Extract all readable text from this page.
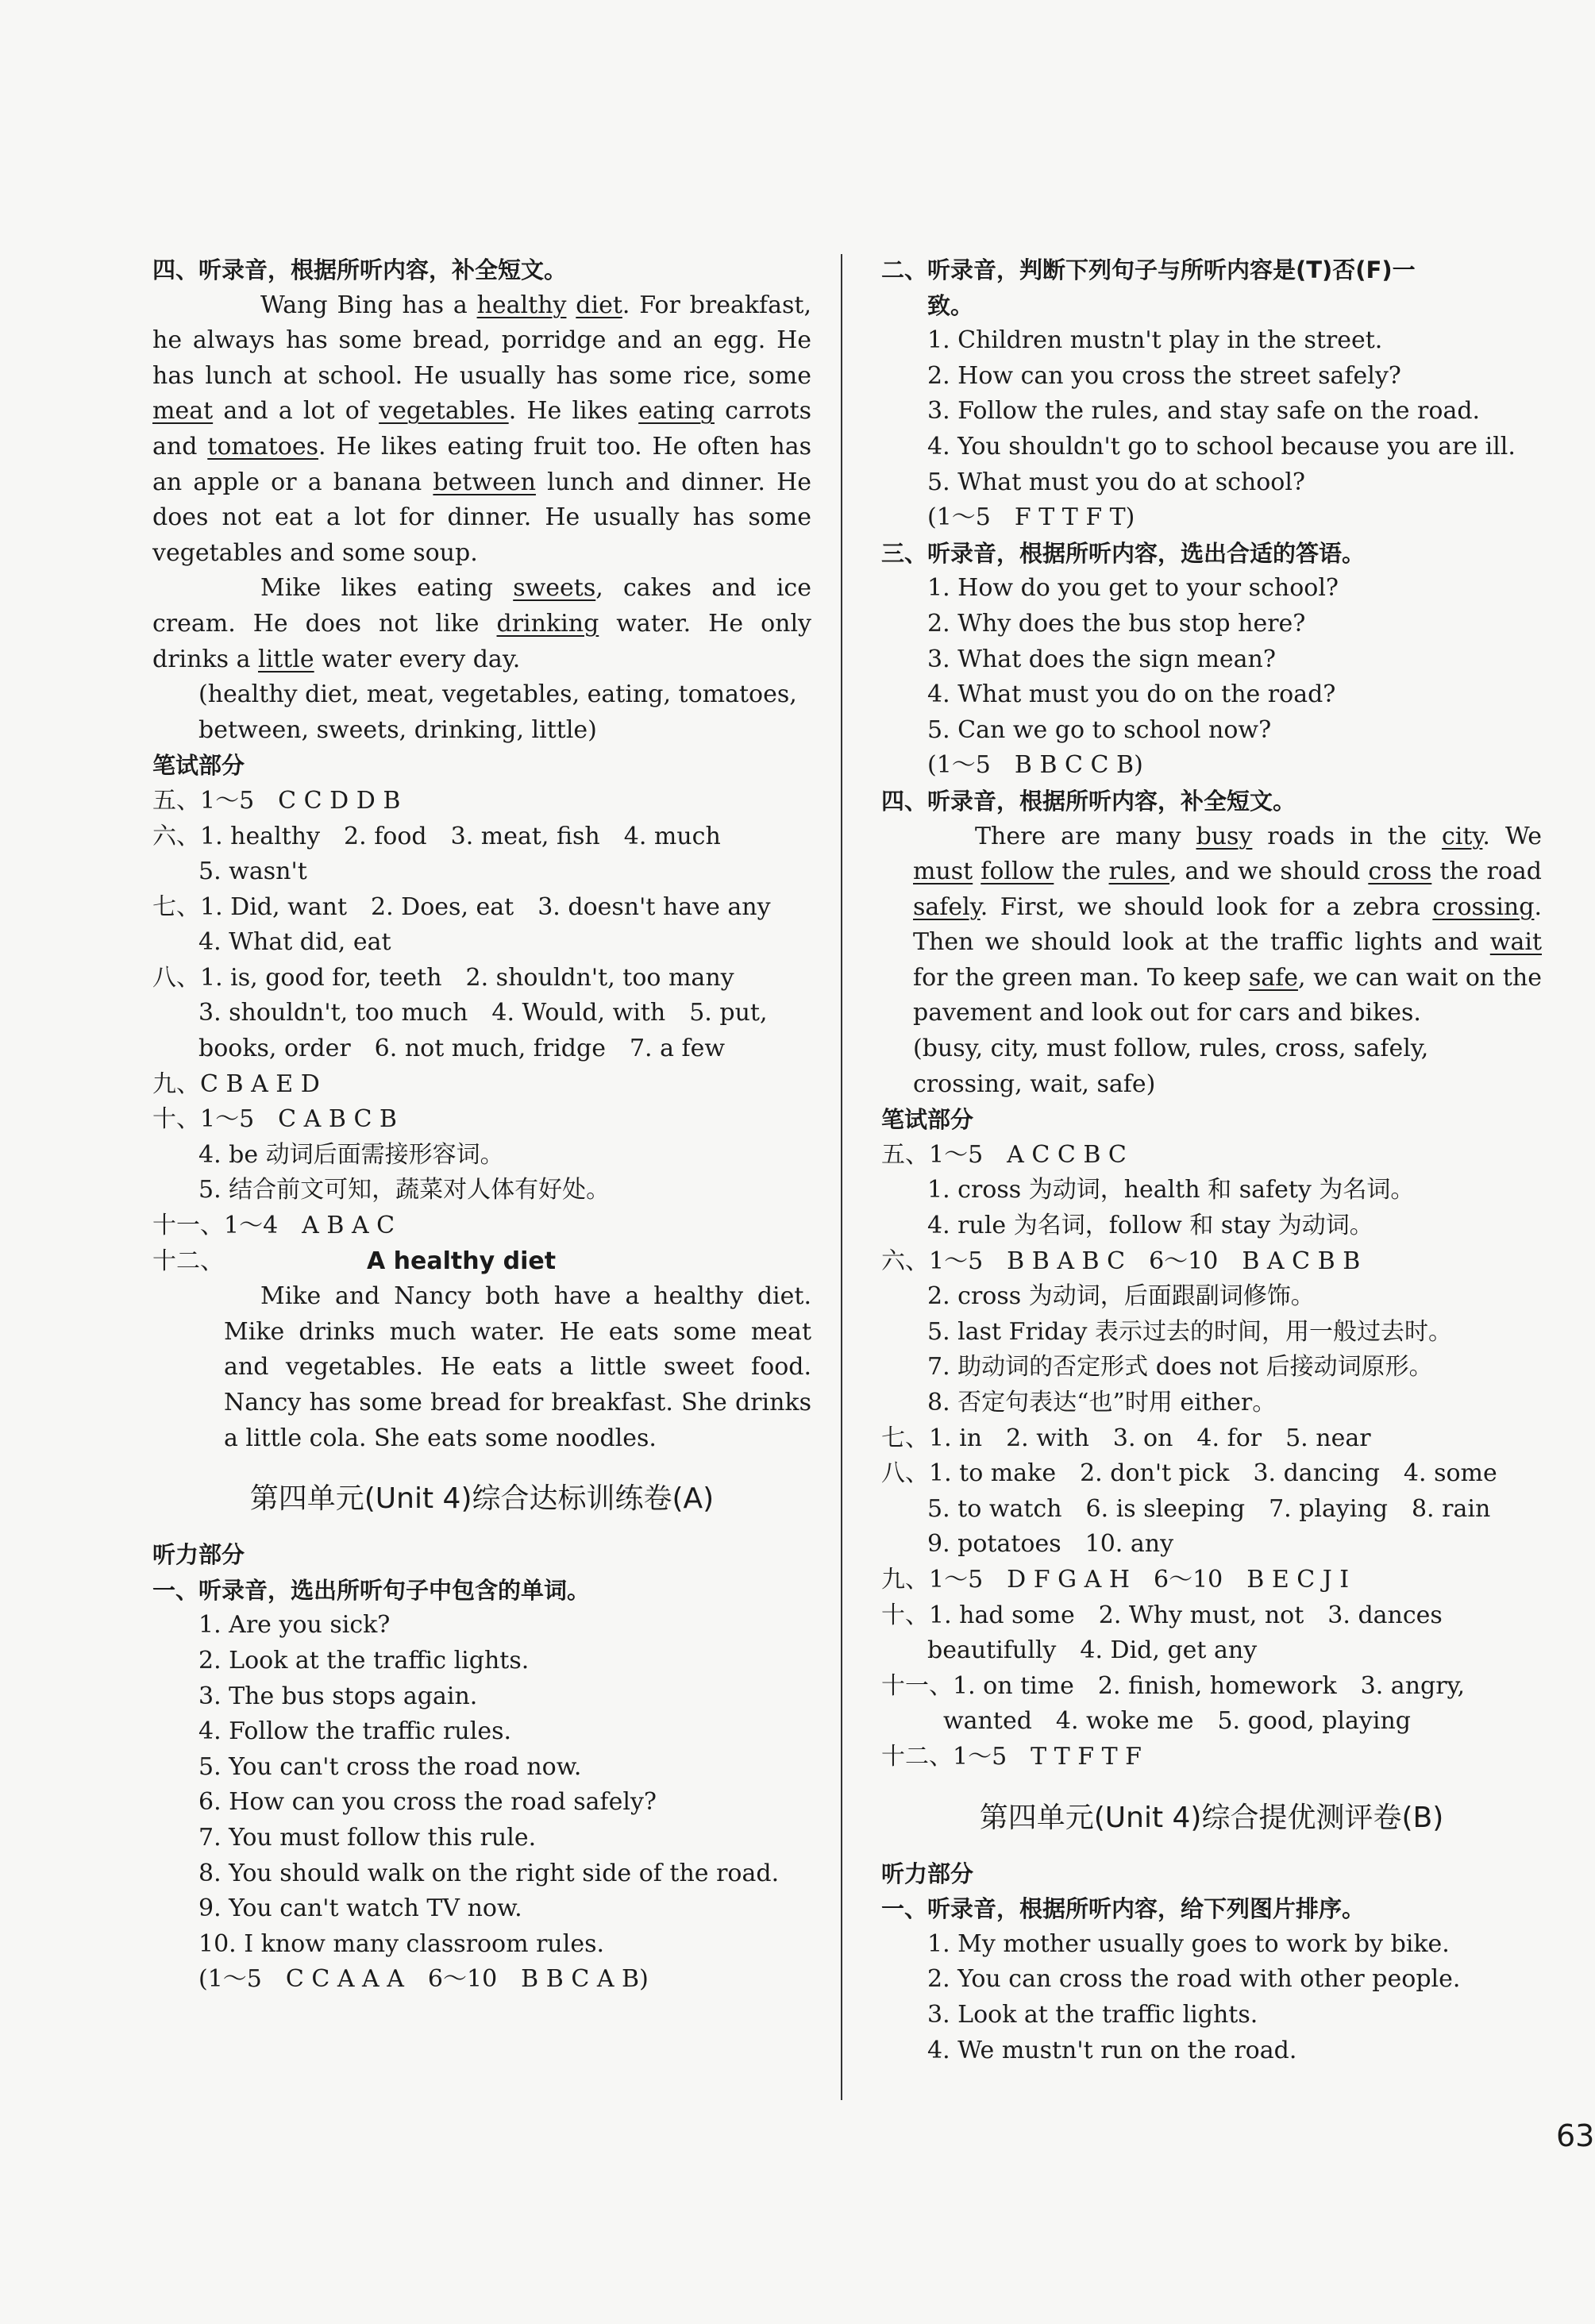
四、听录音，根据所听内容，补全短文。
Wang Bing has a healthy diet. For breakfast, he always has some bread, porridge and an egg. He has lunch at school. He usually has some rice, some meat and a lot of vegetables. He likes eating carrots and tomatoes. He likes eating fruit too. He often has an apple or a banana between lunch and dinner. He does not eat a lot for dinner. He usually has some vegetables and some soup.
Mike likes eating sweets, cakes and ice cream. He does not like drinking water. He only drinks a little water every day.
(healthy diet, meat, vegetables, eating, tomatoes,
between, sweets, drinking, little)
笔试部分
五、1～5　C C D D B
六、1. healthy　2. food　3. meat, fish　4. much
5. wasn't
七、1. Did, want　2. Does, eat　3. doesn't have any
4. What did, eat
八、1. is, good for, teeth　2. shouldn't, too many
3. shouldn't, too much　4. Would, with　5. put,
books, order　6. not much, fridge　7. a few
九、C B A E D
十、1～5　C A B C B
4. be 动词后面需接形容词。
5. 结合前文可知，蔬菜对人体有好处。
十一、1～4　A B A C
十二、	A healthy diet
Mike and Nancy both have a healthy diet. Mike drinks much water. He eats some meat and vegetables. He eats a little sweet food. Nancy has some bread for breakfast. She drinks a little cola. She eats some noodles.
第四单元(Unit 4)综合达标训练卷(A)
听力部分
一、听录音，选出所听句子中包含的单词。
1. Are you sick?
2. Look at the traffic lights.
3. The bus stops again.
4. Follow the traffic rules.
5. You can't cross the road now.
6. How can you cross the road safely?
7. You must follow this rule.
8. You should walk on the right side of the road.
9. You can't watch TV now.
10. I know many classroom rules.
(1～5　C C A A A　6～10　B B C A B)
二、听录音，判断下列句子与所听内容是(T)否(F)一
致。
1. Children mustn't play in the street.
2. How can you cross the street safely?
3. Follow the rules, and stay safe on the road.
4. You shouldn't go to school because you are ill.
5. What must you do at school?
(1～5　F T T F T)
三、听录音，根据所听内容，选出合适的答语。
1. How do you get to your school?
2. Why does the bus stop here?
3. What does the sign mean?
4. What must you do on the road?
5. Can we go to school now?
(1～5　B B C C B)
四、听录音，根据所听内容，补全短文。
There are many busy roads in the city. We must follow the rules, and we should cross the road safely. First, we should look for a zebra crossing. Then we should look at the traffic lights and wait for the green man. To keep safe, we can wait on the pavement and look out for cars and bikes.
(busy, city, must follow, rules, cross, safely,
crossing, wait, safe)
笔试部分
五、1～5　A C C B C
1. cross 为动词，health 和 safety 为名词。
4. rule 为名词，follow 和 stay 为动词。
六、1～5　B B A B C　6～10　B A C B B
2. cross 为动词，后面跟副词修饰。
5. last Friday 表示过去的时间，用一般过去时。
7. 助动词的否定形式 does not 后接动词原形。
8. 否定句表达“也”时用 either。
七、1. in　2. with　3. on　4. for　5. near
八、1. to make　2. don't pick　3. dancing　4. some
5. to watch　6. is sleeping　7. playing　8. rain
9. potatoes　10. any
九、1～5　D F G A H　6～10　B E C J I
十、1. had some　2. Why must, not　3. dances
beautifully　4. Did, get any
十一、1. on time　2. finish, homework　3. angry,
wanted　4. woke me　5. good, playing
十二、1～5　T T F T F
第四单元(Unit 4)综合提优测评卷(B)
听力部分
一、听录音，根据所听内容，给下列图片排序。
1. My mother usually goes to work by bike.
2. You can cross the road with other people.
3. Look at the traffic lights.
4. We mustn't run on the road.
63
